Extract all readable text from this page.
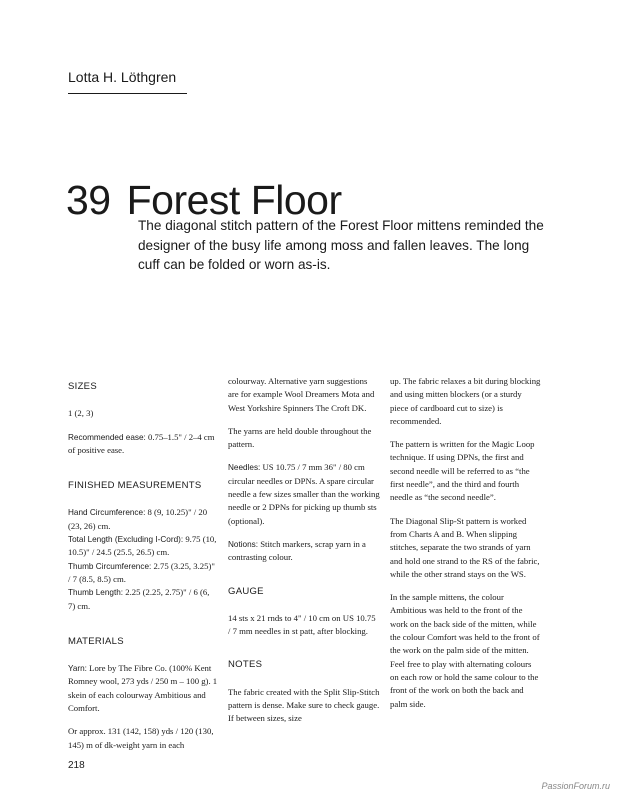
Lotta H. Löthgren
39 Forest Floor

The diagonal stitch pattern of the Forest Floor mittens reminded the designer of the busy life among moss and fallen leaves. The long cuff can be folded or worn as-is.

SIZES

1 (2, 3)

Recommended ease: 0.75–1.5" / 2–4 cm of positive ease.

FINISHED MEASUREMENTS

Hand Circumference: 8 (9, 10.25)" / 20 (23, 26) cm.
Total Length (Excluding I-Cord): 9.75 (10, 10.5)" / 24.5 (25.5, 26.5) cm.
Thumb Circumference: 2.75 (3.25, 3.25)" / 7 (8.5, 8.5) cm.
Thumb Length: 2.25 (2.25, 2.75)" / 6 (6, 7) cm.

MATERIALS

Yarn: Lore by The Fibre Co. (100% Kent Romney wool, 273 yds / 250 m – 100 g). 1 skein of each colourway Ambitious and Comfort.

Or approx. 131 (142, 158) yds / 120 (130, 145) m of dk-weight yarn in each

colourway. Alternative yarn suggestions are for example Wool Dreamers Mota and West Yorkshire Spinners The Croft DK.

The yarns are held double throughout the pattern.

Needles: US 10.75 / 7 mm 36" / 80 cm circular needles or DPNs. A spare circular needle a few sizes smaller than the working needle or 2 DPNs for picking up thumb sts (optional).

Notions: Stitch markers, scrap yarn in a contrasting colour.

GAUGE

14 sts x 21 rnds to 4" / 10 cm on US 10.75 / 7 mm needles in st patt, after blocking.

NOTES

The fabric created with the Split Slip-Stitch pattern is dense. Make sure to check gauge. If between sizes, size

up. The fabric relaxes a bit during blocking and using mitten blockers (or a sturdy piece of cardboard cut to size) is recommended.

The pattern is written for the Magic Loop technique. If using DPNs, the first and second needle will be referred to as “the first needle”, and the third and fourth needle as “the second needle”.

The Diagonal Slip-St pattern is worked from Charts A and B. When slipping stitches, separate the two strands of yarn and hold one strand to the RS of the fabric, while the other strand stays on the WS.

In the sample mittens, the colour Ambitious was held to the front of the work on the back side of the mitten, while the colour Comfort was held to the front of the work on the palm side of the mitten. Feel free to play with alternating colours on each row or hold the same colour to the front of the work on both the back and palm side.

218
PassionForum.ru
